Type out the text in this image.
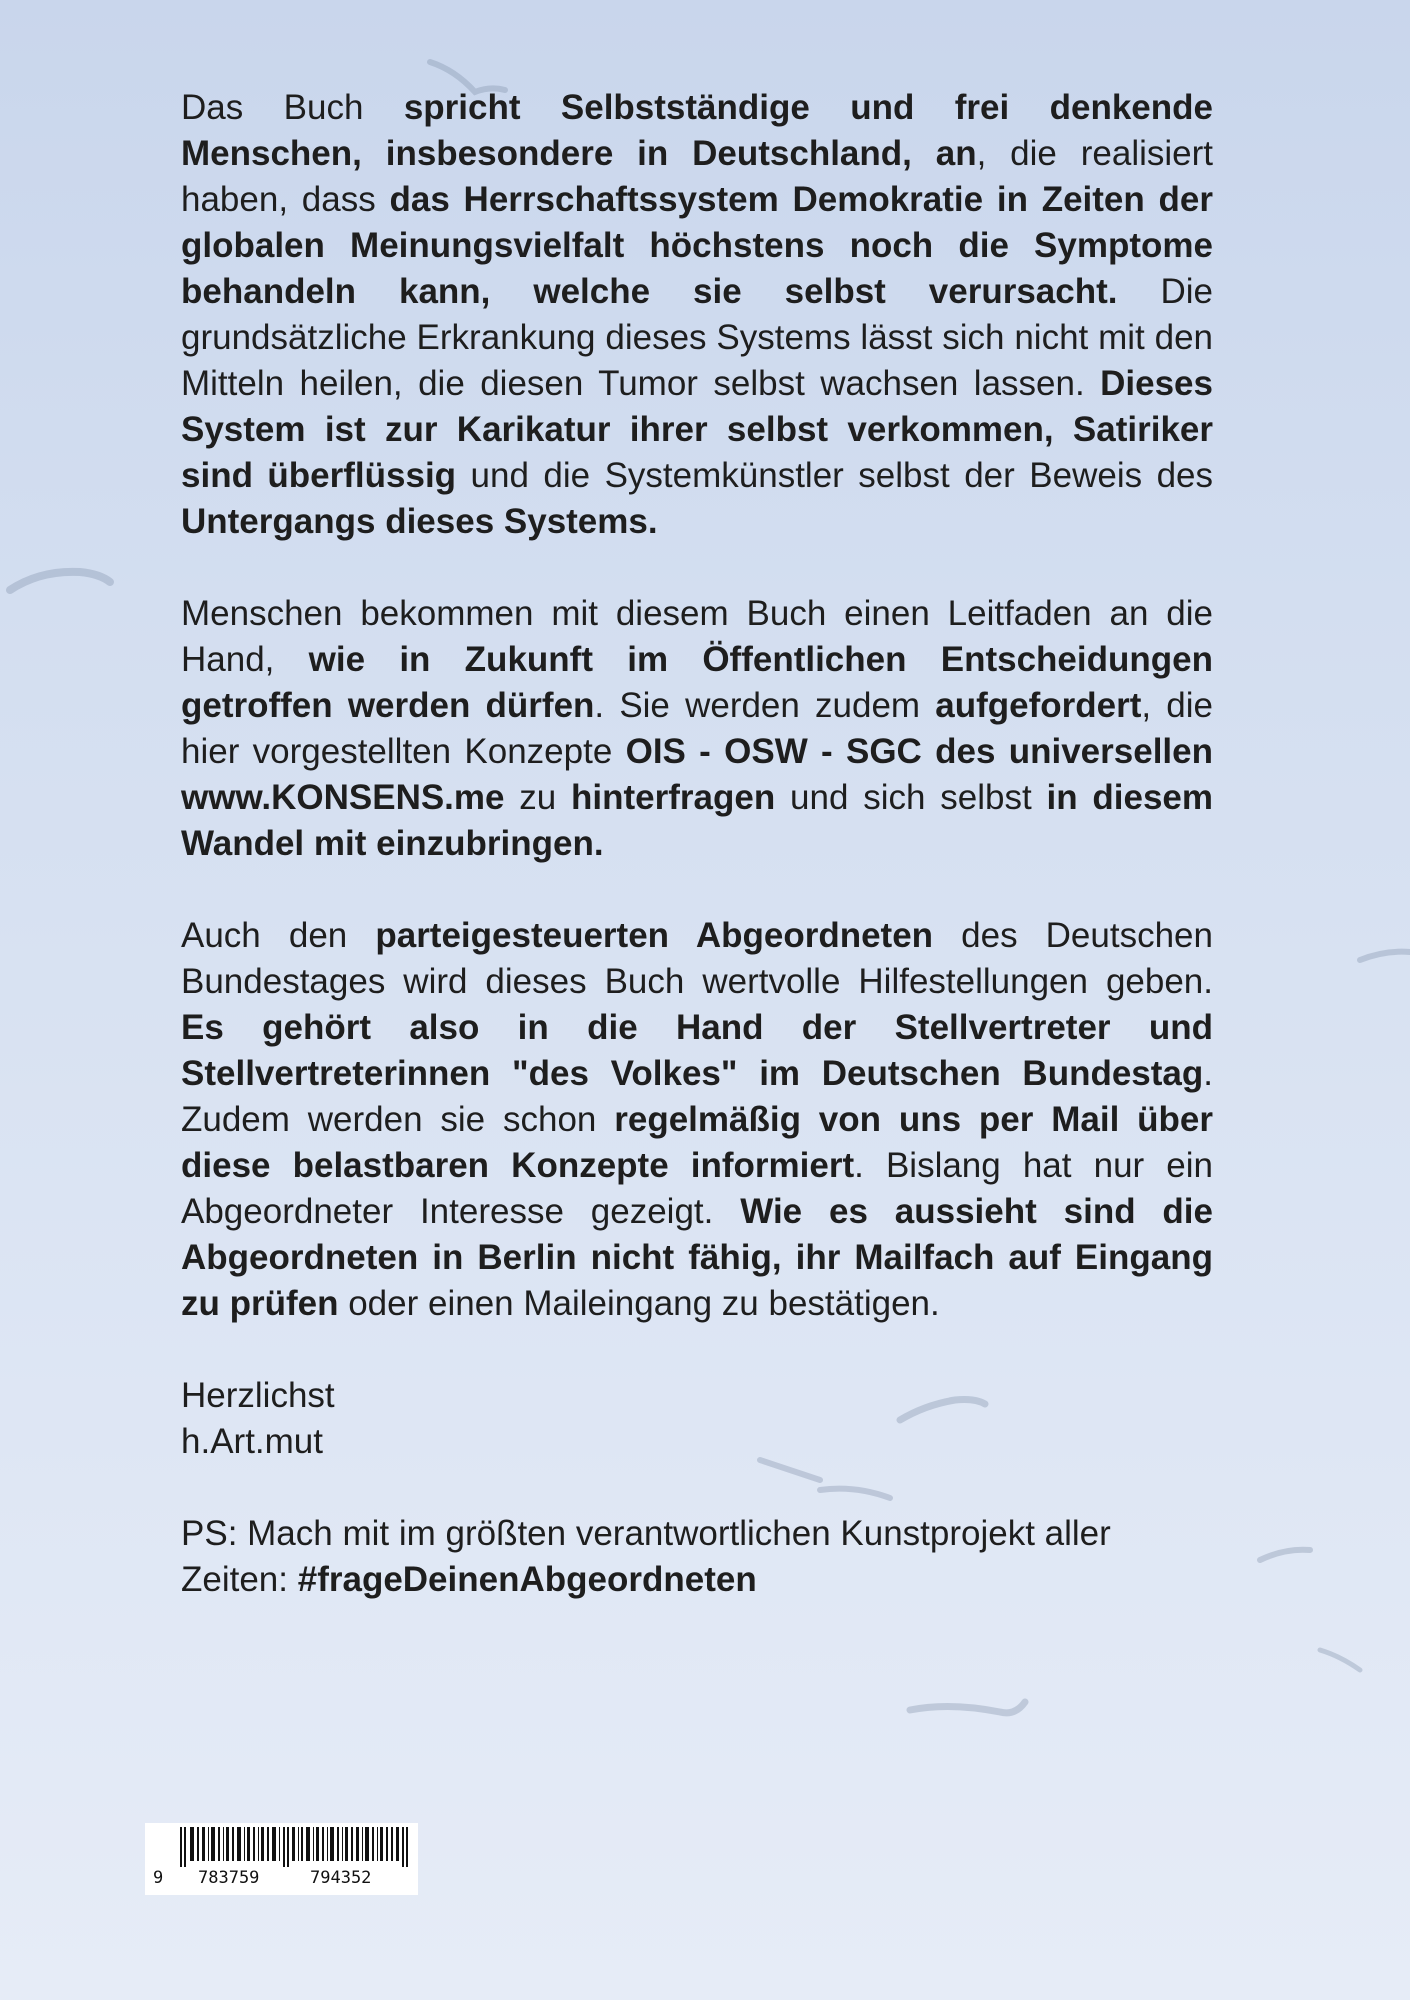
Das Buch spricht Selbstständige und frei denkende Menschen, insbesondere in Deutschland, an, die realisiert haben, dass das Herrschaftssystem Demokratie in Zeiten der globalen Meinungsvielfalt höchstens noch die Symptome behandeln kann, welche sie selbst verursacht. Die grundsätzliche Erkrankung dieses Systems lässt sich nicht mit den Mitteln heilen, die diesen Tumor selbst wachsen lassen. Dieses System ist zur Karikatur ihrer selbst verkommen, Satiriker sind überflüssig und die Systemkünstler selbst der Beweis des Untergangs dieses Systems.

Menschen bekommen mit diesem Buch einen Leitfaden an die Hand, wie in Zukunft im Öffentlichen Entscheidungen getroffen werden dürfen. Sie werden zudem aufgefordert, die hier vorgestellten Konzepte OIS - OSW - SGC des universellen www.KONSENS.me zu hinterfragen und sich selbst in diesem Wandel mit einzubringen.

Auch den parteigesteuerten Abgeordneten des Deutschen Bundestages wird dieses Buch wertvolle Hilfestellungen geben. Es gehört also in die Hand der Stellvertreter und Stellvertreterinnen "des Volkes" im Deutschen Bundestag. Zudem werden sie schon regelmäßig von uns per Mail über diese belastbaren Konzepte informiert. Bislang hat nur ein Abgeordneter Interesse gezeigt. Wie es aussieht sind die Abgeordneten in Berlin nicht fähig, ihr Mailfach auf Eingang zu prüfen oder einen Maileingang zu bestätigen.

Herzlichst
h.Art.mut

PS: Mach mit im größten verantwortlichen Kunstprojekt aller Zeiten: #frageDeinenAbgeordneten

9

783759

	794352
